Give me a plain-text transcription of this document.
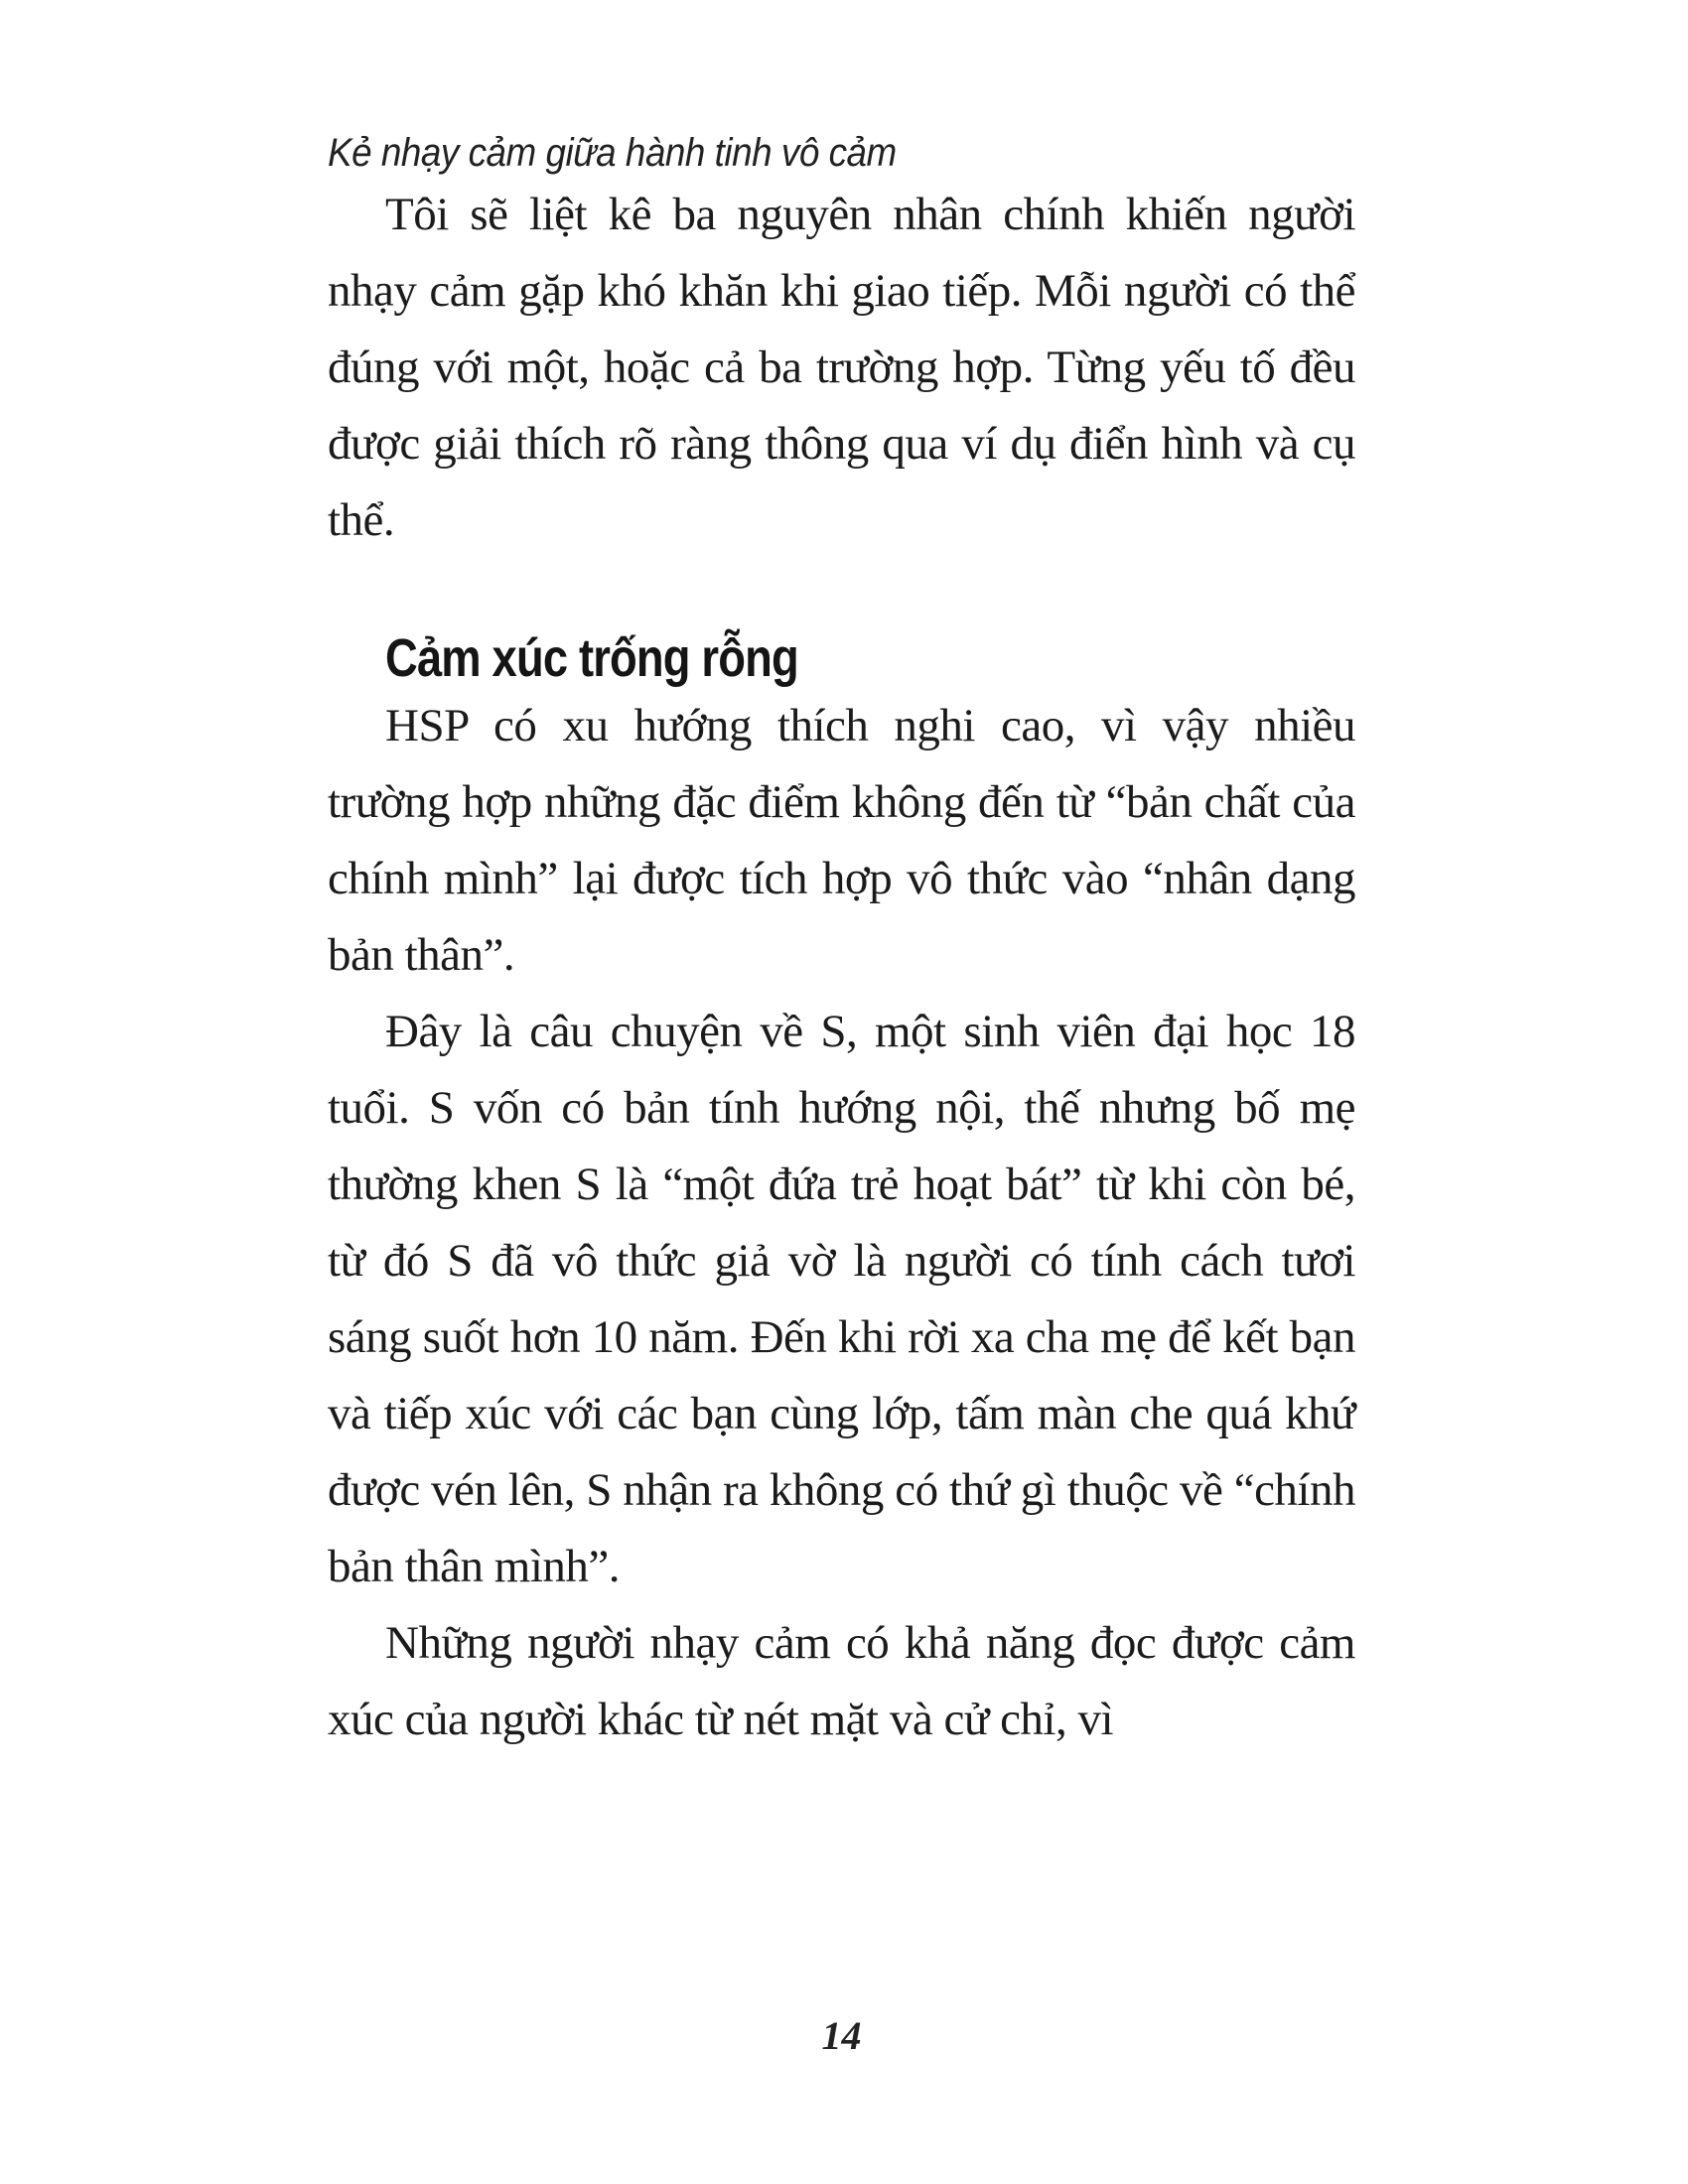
Kẻ nhạy cảm giữa hành tinh vô cảm

Tôi sẽ liệt kê ba nguyên nhân chính khiến người nhạy cảm gặp khó khăn khi giao tiếp. Mỗi người có thể đúng với một, hoặc cả ba trường hợp. Từng yếu tố đều được giải thích rõ ràng thông qua ví dụ điển hình và cụ thể.

Cảm xúc trống rỗng

HSP có xu hướng thích nghi cao, vì vậy nhiều trường hợp những đặc điểm không đến từ “bản chất của chính mình” lại được tích hợp vô thức vào “nhân dạng bản thân”.

Đây là câu chuyện về S, một sinh viên đại học 18 tuổi. S vốn có bản tính hướng nội, thế nhưng bố mẹ thường khen S là “một đứa trẻ hoạt bát” từ khi còn bé, từ đó S đã vô thức giả vờ là người có tính cách tươi sáng suốt hơn 10 năm. Đến khi rời xa cha mẹ để kết bạn và tiếp xúc với các bạn cùng lớp, tấm màn che quá khứ được vén lên, S nhận ra không có thứ gì thuộc về “chính bản thân mình”.

Những người nhạy cảm có khả năng đọc được cảm xúc của người khác từ nét mặt và cử chỉ, vì

14
